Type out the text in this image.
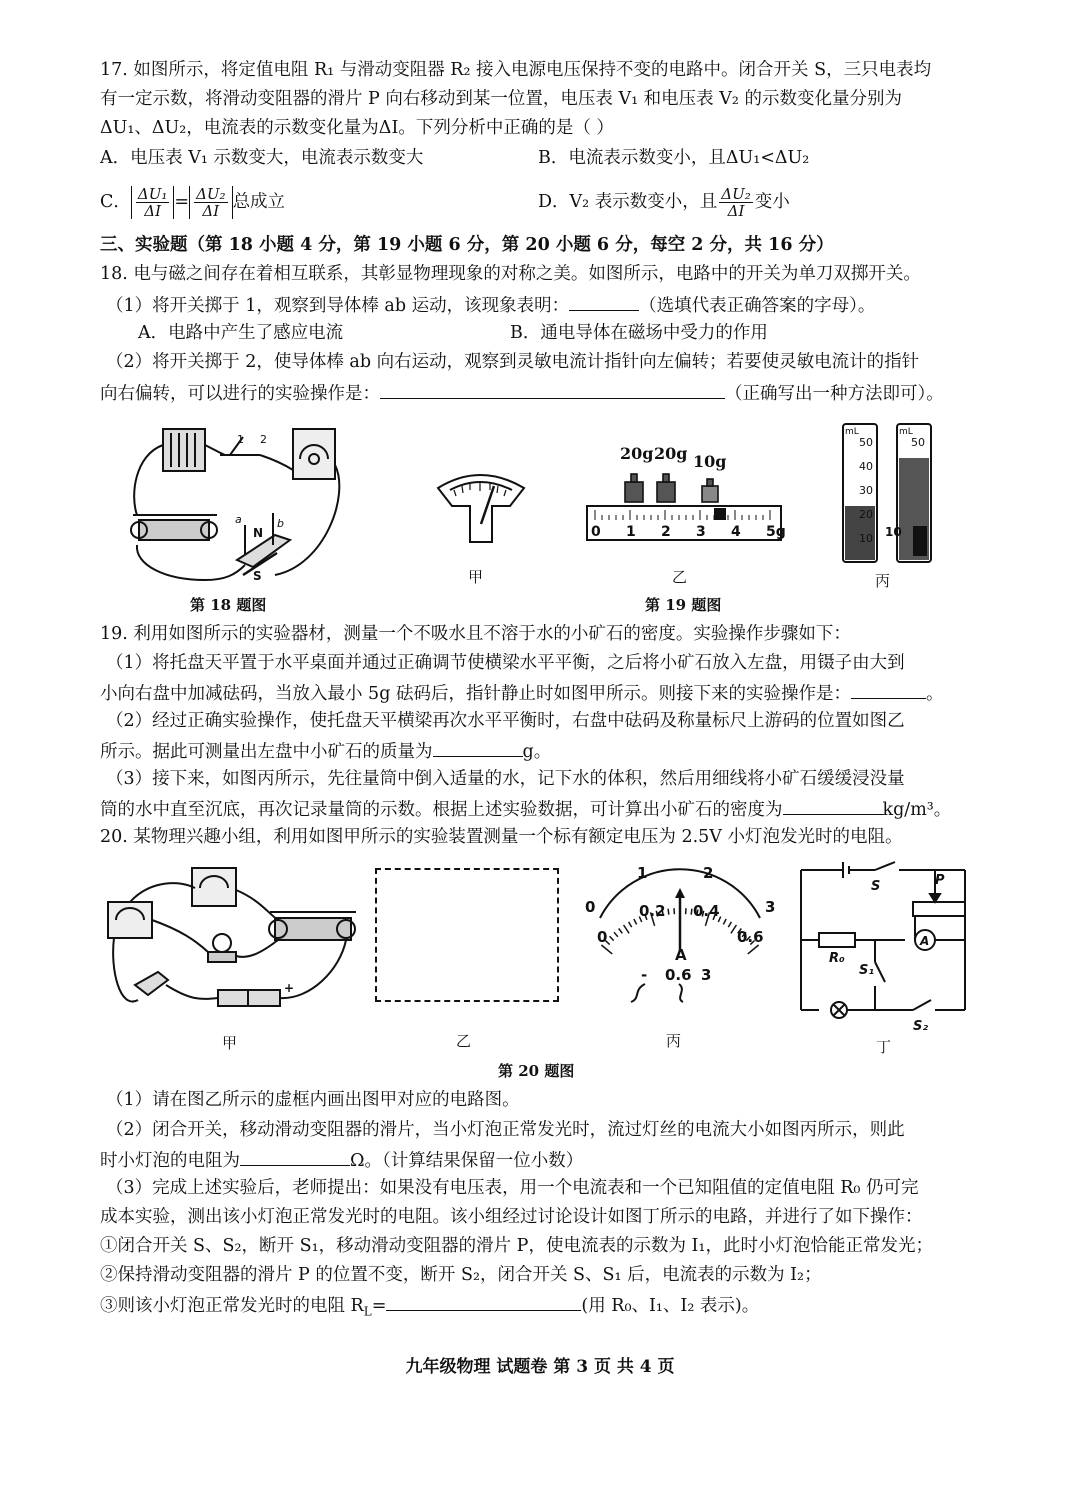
17. 如图所示，将定值电阻 R₁ 与滑动变阻器 R₂ 接入电源电压保持不变的电路中。闭合开关 S，三只电表均
有一定示数，将滑动变阻器的滑片 P 向右移动到某一位置，电压表 V₁ 和电压表 V₂ 的示数变化量分别为
ΔU₁、ΔU₂，电流表的示数变化量为ΔI。下列分析中正确的是（ ）
A．电压表 V₁ 示数变大，电流表示数变大	B．电流表示数变小，且ΔU₁<ΔU₂
C． $\frac{\text{ΔU₁}}{\Delta I} = \frac{\text{ΔU₂}}{\Delta I}$ 总成立	D．V₂ 表示数变小，且 $\frac{\text{ΔU₂}}{\Delta I}$ 变小
三、实验题（第 18 小题 4 分，第 19 小题 6 分，第 20 小题 6 分，每空 2 分，共 16 分）
18. 电与磁之间存在着相互联系，其彰显物理现象的对称之美。如图所示，电路中的开关为单刀双掷开关。
（1）将开关掷于 1，观察到导体棒 ab 运动，该现象表明：	（选填代表正确答案的字母）。
A．电路中产生了感应电流	B．通电导体在磁场中受力的作用
（2）将开关掷于 2，使导体棒 ab 向右运动，观察到灵敏电流计指针向左偏转；若要使灵敏电流计的指针
向右偏转，可以进行的实验操作是：	（正确写出一种方法即可）。
1 2
N
S
a	b
甲
20g 20g 10g
0 1 2 3 4 5g
乙
mL	mL
50
40
30
20
10
50
10
丙
第 18 题图	第 19 题图
19. 利用如图所示的实验器材，测量一个不吸水且不溶于水的小矿石的密度。实验操作步骤如下：
（1）将托盘天平置于水平桌面并通过正确调节使横梁水平平衡，之后将小矿石放入左盘，用镊子由大到
小向右盘中加减砝码，当放入最小 5g 砝码后，指针静止时如图甲所示。则接下来的实验操作是：	。
（2）经过正确实验操作，使托盘天平横梁再次水平平衡时，右盘中砝码及称量标尺上游码的位置如图乙
所示。据此可测量出左盘中小矿石的质量为	g。
（3）接下来，如图丙所示，先往量筒中倒入适量的水，记下水的体积，然后用细线将小矿石缓缓浸没量
筒的水中直至沉底，再次记录量筒的示数。根据上述实验数据，可计算出小矿石的密度为	kg/m³。
20. 某物理兴趣小组，利用如图甲所示的实验装置测量一个标有额定电压为 2.5V 小灯泡发光时的电阻。
+
甲	乙
0
1	2
3
0
0.2 0.4
0.6
A
- 0.6 3
丙
S	P
R₀
A
S₁
S₂
丁
第 20 题图
（1）请在图乙所示的虚框内画出图甲对应的电路图。
（2）闭合开关，移动滑动变阻器的滑片，当小灯泡正常发光时，流过灯丝的电流大小如图丙所示，则此
时小灯泡的电阻为	Ω。（计算结果保留一位小数）
（3）完成上述实验后，老师提出：如果没有电压表，用一个电流表和一个已知阻值的定值电阻 R₀ 仍可完
成本实验，测出该小灯泡正常发光时的电阻。该小组经过讨论设计如图丁所示的电路，并进行了如下操作：
①闭合开关 S、S₂，断开 S₁，移动滑动变阻器的滑片 P，使电流表的示数为 I₁，此时小灯泡恰能正常发光；
②保持滑动变阻器的滑片 P 的位置不变，断开 S₂，闭合开关 S、S₁ 后，电流表的示数为 I₂；
③则该小灯泡正常发光时的电阻 $R_L=$	(用 R₀、I₁、I₂ 表示)。
九年级物理 试题卷 第 3 页 共 4 页
